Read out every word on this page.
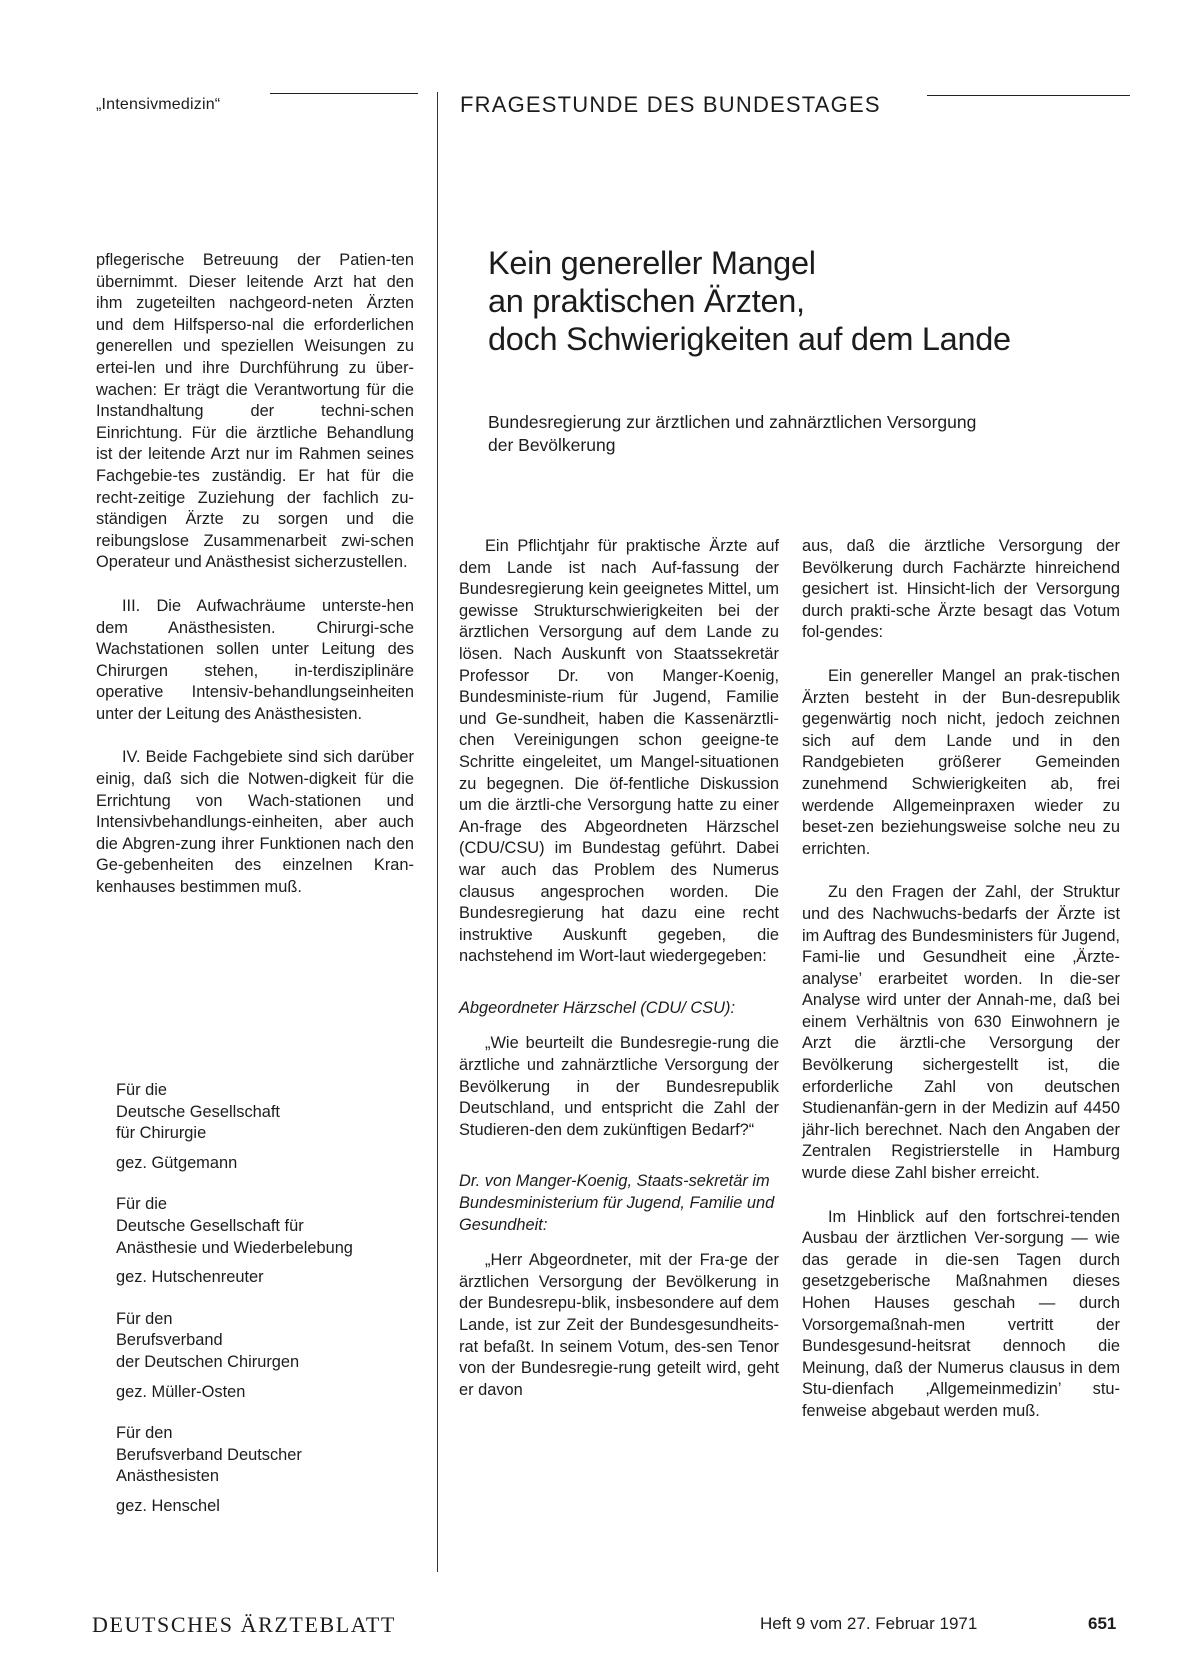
„Intensivmedizin“	FRAGESTUNDE DES BUNDESTAGES

pflegerische Betreuung der Patien-ten übernimmt. Dieser leitende Arzt hat den ihm zugeteilten nachgeord-neten Ärzten und dem Hilfsperso-nal die erforderlichen generellen und speziellen Weisungen zu ertei-len und ihre Durchführung zu über-wachen: Er trägt die Verantwortung für die Instandhaltung der techni-schen Einrichtung. Für die ärztliche Behandlung ist der leitende Arzt nur im Rahmen seines Fachgebie-tes zuständig. Er hat für die recht-zeitige Zuziehung der fachlich zu-ständigen Ärzte zu sorgen und die reibungslose Zusammenarbeit zwi-schen Operateur und Anästhesist sicherzustellen.

III. Die Aufwachräume unterste-hen dem Anästhesisten. Chirurgi-sche Wachstationen sollen unter Leitung des Chirurgen stehen, in-terdisziplinäre operative Intensiv-behandlungseinheiten unter der Leitung des Anästhesisten.

IV. Beide Fachgebiete sind sich darüber einig, daß sich die Notwen-digkeit für die Errichtung von Wach-stationen und Intensivbehandlungs-einheiten, aber auch die Abgren-zung ihrer Funktionen nach den Ge-gebenheiten des einzelnen Kran-kenhauses bestimmen muß.

Für die
Deutsche Gesellschaft
für Chirurgie

gez. Gütgemann

Für die
Deutsche Gesellschaft für
Anästhesie und Wiederbelebung

gez. Hutschenreuter

Für den
Berufsverband
der Deutschen Chirurgen

gez. Müller-Osten

Für den
Berufsverband Deutscher
Anästhesisten

gez. Henschel

Kein genereller Mangel
an praktischen Ärzten,
doch Schwierigkeiten auf dem Lande
Bundesregierung zur ärztlichen und zahnärztlichen Versorgung
der Bevölkerung

Ein Pflichtjahr für praktische Ärzte auf dem Lande ist nach Auf-fassung der Bundesregierung kein geeignetes Mittel, um gewisse Strukturschwierigkeiten bei der ärztlichen Versorgung auf dem Lande zu lösen. Nach Auskunft von Staatssekretär Professor Dr. von Manger-Koenig, Bundesministe-rium für Jugend, Familie und Ge-sundheit, haben die Kassenärztli-chen Vereinigungen schon geeigne-te Schritte eingeleitet, um Mangel-situationen zu begegnen. Die öf-fentliche Diskussion um die ärztli-che Versorgung hatte zu einer An-frage des Abgeordneten Härzschel (CDU/CSU) im Bundestag geführt. Dabei war auch das Problem des Numerus clausus angesprochen worden. Die Bundesregierung hat dazu eine recht instruktive Auskunft gegeben, die nachstehend im Wort-laut wiedergegeben:

Abgeordneter Härzschel (CDU/ CSU):

„Wie beurteilt die Bundesregie-rung die ärztliche und zahnärztliche Versorgung der Bevölkerung in der Bundesrepublik Deutschland, und entspricht die Zahl der Studieren-den dem zukünftigen Bedarf?“

Dr. von Manger-Koenig, Staats-sekretär im Bundesministerium für Jugend, Familie und Gesundheit:

„Herr Abgeordneter, mit der Fra-ge der ärztlichen Versorgung der Bevölkerung in der Bundesrepu-blik, insbesondere auf dem Lande, ist zur Zeit der Bundesgesundheits-rat befaßt. In seinem Votum, des-sen Tenor von der Bundesregie-rung geteilt wird, geht er davon

aus, daß die ärztliche Versorgung der Bevölkerung durch Fachärzte hinreichend gesichert ist. Hinsicht-lich der Versorgung durch prakti-sche Ärzte besagt das Votum fol-gendes:

Ein genereller Mangel an prak-tischen Ärzten besteht in der Bun-desrepublik gegenwärtig noch nicht, jedoch zeichnen sich auf dem Lande und in den Randgebieten größerer Gemeinden zunehmend Schwierigkeiten ab, frei werdende Allgemeinpraxen wieder zu beset-zen beziehungsweise solche neu zu errichten.

Zu den Fragen der Zahl, der Struktur und des Nachwuchs-bedarfs der Ärzte ist im Auftrag des Bundesministers für Jugend, Fami-lie und Gesundheit eine ‚Ärzte-analyse’ erarbeitet worden. In die-ser Analyse wird unter der Annah-me, daß bei einem Verhältnis von 630 Einwohnern je Arzt die ärztli-che Versorgung der Bevölkerung sichergestellt ist, die erforderliche Zahl von deutschen Studienanfän-gern in der Medizin auf 4450 jähr-lich berechnet. Nach den Angaben der Zentralen Registrierstelle in Hamburg wurde diese Zahl bisher erreicht.

Im Hinblick auf den fortschrei-tenden Ausbau der ärztlichen Ver-sorgung — wie das gerade in die-sen Tagen durch gesetzgeberische Maßnahmen dieses Hohen Hauses geschah — durch Vorsorgemaßnah-men vertritt der Bundesgesund-heitsrat dennoch die Meinung, daß der Numerus clausus in dem Stu-dienfach ‚Allgemeinmedizin’ stu-fenweise abgebaut werden muß.

DEUTSCHES ÄRZTEBLATT	Heft 9 vom 27. Februar 1971	651
